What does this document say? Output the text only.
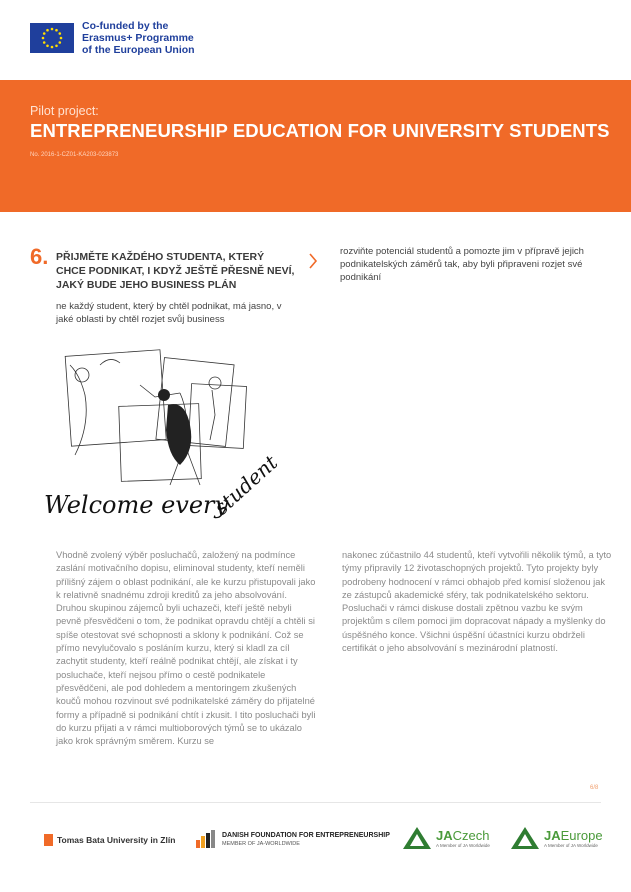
Co-funded by the
Erasmus+ Programme
of the European Union
Pilot project:
ENTREPRENEURSHIP EDUCATION FOR UNIVERSITY STUDENTS
No. 2016-1-CZ01-KA203-023873
6. PŘIJMĚTE KAŽDÉHO STUDENTA, KTERÝ CHCE PODNIKAT, I KDYŽ JEŠTĚ PŘESNĚ NEVÍ, JAKÝ BUDE JEHO BUSINESS PLÁN
ne každý student, který by chtěl podnikat, má jasno, v jaké oblasti by chtěl rozjet svůj business
rozviňte potenciál studentů a pomozte jim v přípravě jejich podnikatelských záměrů tak, aby byli připraveni rozjet své podnikání
Welcome every
student
Vhodně zvolený výběr posluchačů, založený na podmínce zaslání motivačního dopisu, eliminoval studenty, kteří neměli přílišný zájem o oblast podnikání, ale ke kurzu přistupovali jako k relativně snadnému zdroji kreditů za jeho absolvování. Druhou skupinou zájemců byli uchazeči, kteří ještě nebyli pevně přesvědčeni o tom, že podnikat opravdu chtějí a chtěli si spíše otestovat své schopnosti a sklony k podnikání. Což se přímo nevylučovalo s posláním kurzu, který si kladl za cíl zachytit studenty, kteří reálně podnikat chtějí, ale získat i ty posluchače, kteří nejsou přímo o cestě podnikatele přesvědčeni, ale pod dohledem a mentoringem zkušených koučů mohou rozvinout své podnikatelské záměry do přijatelné formy a případně si podnikání chtít i zkusit. I tito posluchači byli do kurzu přijati a v rámci multioborových týmů se to ukázalo jako krok správným směrem. Kurzu se
nakonec zúčastnilo 44 studentů, kteří vytvořili několik týmů, a tyto týmy připravily 12 životaschopných projektů. Tyto projekty byly podrobeny hodnocení v rámci obhajob před komisí složenou jak ze zástupců akademické sféry, tak podnikatelského sektoru. Posluchači v rámci diskuse dostali zpětnou vazbu ke svým projektům s cílem pomoci jim dopracovat nápady a myšlenky do úspěšného konce. Všichni úspěšní účastníci kurzu obdrželi certifikát o jeho absolvování s mezinárodní platností.
6/8
Tomas Bata University in Zlín	DANISH FOUNDATION FOR ENTREPRENEURSHIP
MEMBER OF JA-WORLDWIDE
JACzech
A Member of JA Worldwide
JAEurope
A Member of JA Worldwide
